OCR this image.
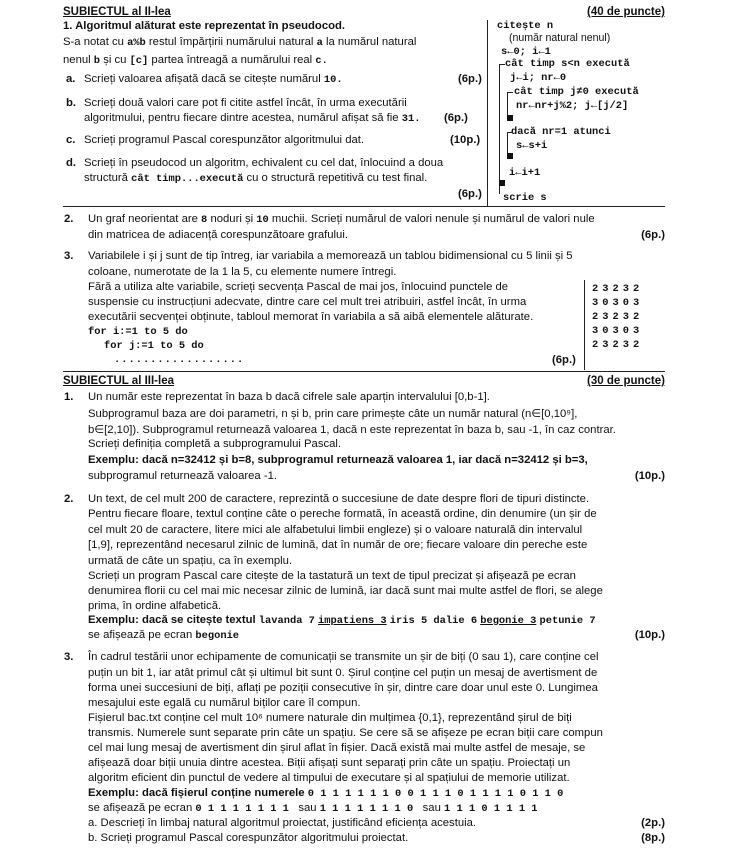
SUBIECTUL al II-lea	(40 de puncte)
1. Algoritmul alăturat este reprezentat în pseudocod.
S-a notat cu a%b restul împărțirii numărului natural a la numărul natural
nenul b și cu [c] partea întreagă a numărului real c.
a. Scrieți valoarea afișată dacă se citește numărul 10.	(6p.)
b. Scrieți două valori care pot fi citite astfel încât, în urma executării
algoritmului, pentru fiecare dintre acestea, numărul afișat să fie 31. (6p.)
c. Scrieți programul Pascal corespunzător algoritmului dat.	(10p.)
d. Scrieți în pseudocod un algoritm, echivalent cu cel dat, înlocuind a doua
structură cât timp...execută cu o structură repetitivă cu test final.
(6p.)
citește n
(număr natural nenul)
s←0; i←1
cât timp s<n execută
j←i; nr←0
cât timp j≠0 execută
nr←nr+j%2; j←[j/2]
dacă nr=1 atunci
s←s+i
i←i+1
scrie s
2. Un graf neorientat are 8 noduri și 10 muchii. Scrieți numărul de valori nenule și numărul de valori nule
din matricea de adiacență corespunzătoare grafului.	(6p.)
3. Variabilele i și j sunt de tip întreg, iar variabila a memorează un tablou bidimensional cu 5 linii și 5
coloane, numerotate de la 1 la 5, cu elemente numere întregi.
Fără a utiliza alte variabile, scrieți secvența Pascal de mai jos, înlocuind punctele de
suspensie cu instrucțiuni adecvate, dintre care cel mult trei atribuiri, astfel încât, în urma
executării secvenței obținute, tabloul memorat în variabila a să aibă elementele alăturate.
for i:=1 to 5 do
for j:=1 to 5 do
..................	(6p.)
2	3	2	3	2
3	0	3	0	3
2	3	2	3	2
3	0	3	0	3
2	3	2	3	2
SUBIECTUL al III-lea	(30 de puncte)
1. Un număr este reprezentat în baza b dacă cifrele sale aparțin intervalului [0,b-1].
Subprogramul baza are doi parametri, n și b, prin care primește câte un număr natural (n∈[0,10⁹],
b∈[2,10]). Subprogramul returnează valoarea 1, dacă n este reprezentat în baza b, sau -1, în caz contrar.
Scrieți definiția completă a subprogramului Pascal.
Exemplu: dacă n=32412 și b=8, subprogramul returnează valoarea 1, iar dacă n=32412 și b=3,
subprogramul returnează valoarea -1.	(10p.)
2. Un text, de cel mult 200 de caractere, reprezintă o succesiune de date despre flori de tipuri distincte.
Pentru fiecare floare, textul conține câte o pereche formată, în această ordine, din denumire (un șir de
cel mult 20 de caractere, litere mici ale alfabetului limbii engleze) și o valoare naturală din intervalul
[1,9], reprezentând necesarul zilnic de lumină, dat în număr de ore; fiecare valoare din pereche este
urmată de câte un spațiu, ca în exemplu.
Scrieți un program Pascal care citește de la tastatură un text de tipul precizat și afișează pe ecran
denumirea florii cu cel mai mic necesar zilnic de lumină, iar dacă sunt mai multe astfel de flori, se alege
prima, în ordine alfabetică.
Exemplu: dacă se citește textul lavanda 7 impatiens 3 iris 5 dalie 6 begonie 3 petunie 7
se afișează pe ecran begonie	(10p.)
3. În cadrul testării unor echipamente de comunicații se transmite un șir de biți (0 sau 1), care conține cel
puțin un bit 1, iar atât primul cât și ultimul bit sunt 0. Șirul conține cel puțin un mesaj de avertisment de
forma unei succesiuni de biți, aflați pe poziții consecutive în șir, dintre care doar unul este 0. Lungimea
mesajului este egală cu numărul biților care îl compun.
Fișierul bac.txt conține cel mult 10⁶ numere naturale din mulțimea {0,1}, reprezentând șirul de biți
transmis. Numerele sunt separate prin câte un spațiu. Se cere să se afișeze pe ecran biții care compun
cel mai lung mesaj de avertisment din șirul aflat în fișier. Dacă există mai multe astfel de mesaje, se
afișează doar biții unuia dintre acestea. Biții afișați sunt separați prin câte un spațiu. Proiectați un
algoritm eficient din punctul de vedere al timpului de executare și al spațiului de memorie utilizat.
Exemplu: dacă fișierul conține numerele 0 1 1 1 1 1 1 0 0 1 1 1 0 1 1 1 1 0 1 1 0
se afișează pe ecran 0 1 1 1 1 1 1 1 sau 1 1 1 1 1 1 1 0 sau 1 1 1 0 1 1 1 1
a. Descrieți în limbaj natural algoritmul proiectat, justificând eficiența acestuia.	(2p.)
b. Scrieți programul Pascal corespunzător algoritmului proiectat.	(8p.)
